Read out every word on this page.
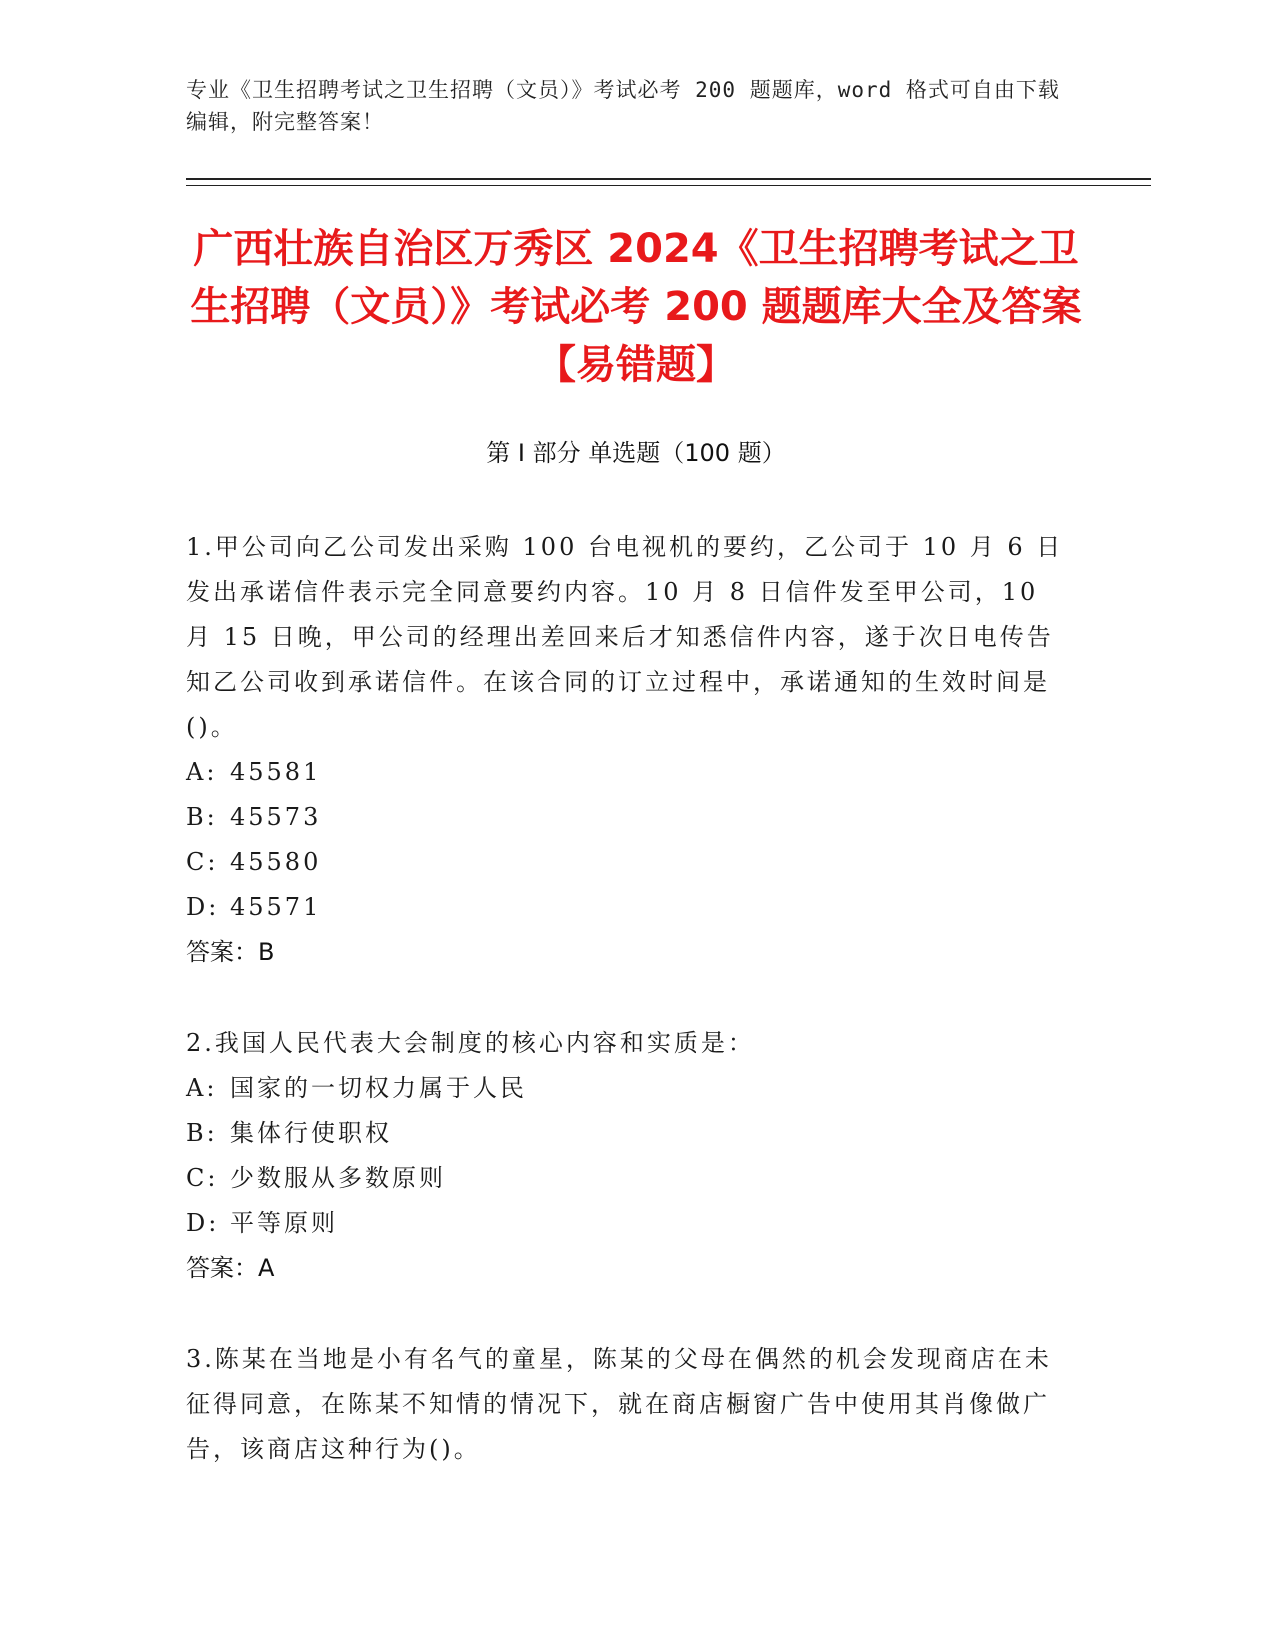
专业《卫生招聘考试之卫生招聘（文员）》考试必考 200 题题库，word 格式可自由下载编辑，附完整答案！
广西壮族自治区万秀区 2024《卫生招聘考试之卫生招聘（文员）》考试必考 200 题题库大全及答案【易错题】
第 I 部分 单选题（100 题）

1.甲公司向乙公司发出采购 100 台电视机的要约，乙公司于 10 月 6 日发出承诺信件表示完全同意要约内容。10 月 8 日信件发至甲公司，10 月 15 日晚，甲公司的经理出差回来后才知悉信件内容，遂于次日电传告知乙公司收到承诺信件。在该合同的订立过程中，承诺通知的生效时间是()。

A: 45581

B: 45573

C: 45580

D: 45571

答案：B

2.我国人民代表大会制度的核心内容和实质是：

A: 国家的一切权力属于人民

B: 集体行使职权

C: 少数服从多数原则

D: 平等原则

答案：A

3.陈某在当地是小有名气的童星，陈某的父母在偶然的机会发现商店在未征得同意，在陈某不知情的情况下，就在商店橱窗广告中使用其肖像做广告，该商店这种行为()。
